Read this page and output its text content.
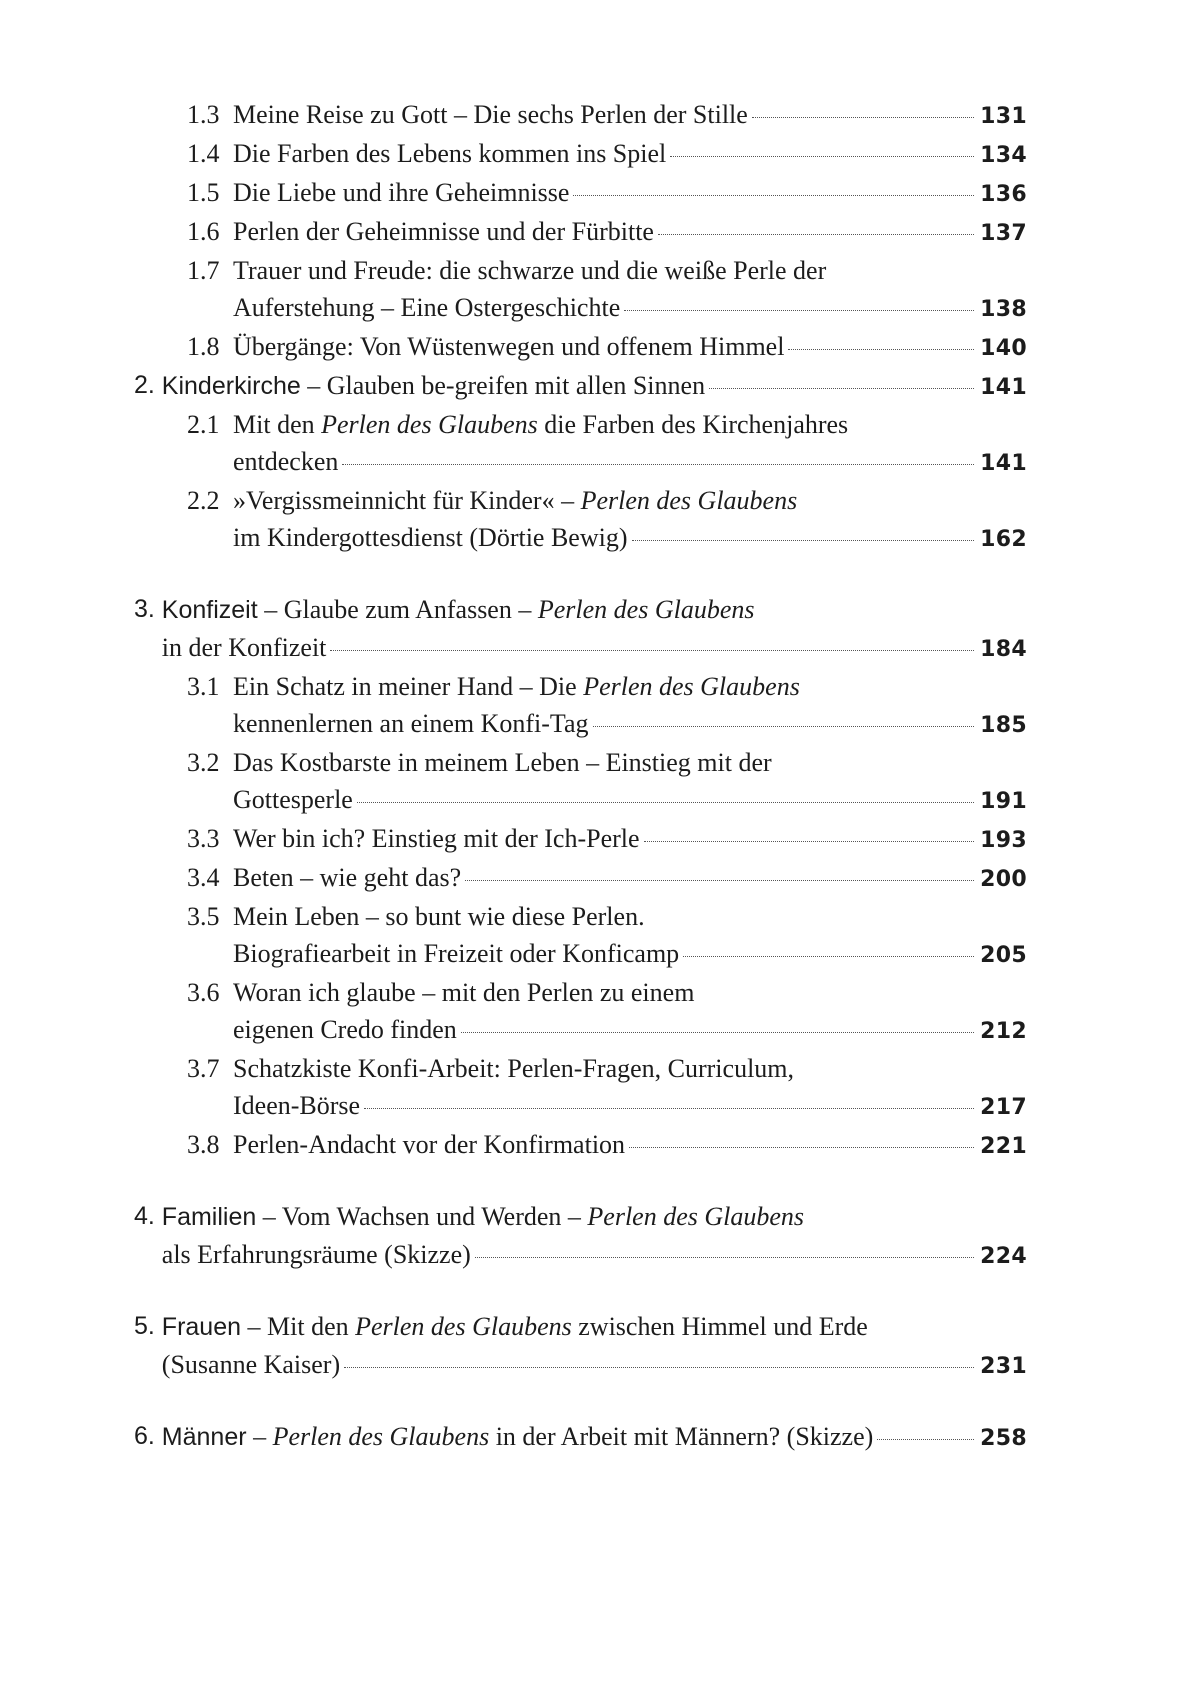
1.3 Meine Reise zu Gott – Die sechs Perlen der Stille	131
1.4 Die Farben des Lebens kommen ins Spiel	134
1.5 Die Liebe und ihre Geheimnisse	136
1.6 Perlen der Geheimnisse und der Fürbitte	137
1.7 Trauer und Freude: die schwarze und die weiße Perle der
Auferstehung – Eine Ostergeschichte	138
1.8 Übergänge: Von Wüstenwegen und offenem Himmel	140
2. Kinderkirche – Glauben be-greifen mit allen Sinnen	141
2.1 Mit den Perlen des Glaubens die Farben des Kirchenjahres
entdecken	141
2.2 »Vergissmeinnicht für Kinder« – Perlen des Glaubens
im Kindergottesdienst (Dörtie Bewig)	162
3. Konfizeit – Glaube zum Anfassen – Perlen des Glaubens
in der Konfizeit	184
3.1 Ein Schatz in meiner Hand – Die Perlen des Glaubens
kennenlernen an einem Konfi-Tag	185
3.2 Das Kostbarste in meinem Leben – Einstieg mit der
Gottesperle	191
3.3 Wer bin ich? Einstieg mit der Ich-Perle	193
3.4 Beten – wie geht das?	200
3.5 Mein Leben – so bunt wie diese Perlen.
Biografiearbeit in Freizeit oder Konficamp	205
3.6 Woran ich glaube – mit den Perlen zu einem
eigenen Credo finden	212
3.7 Schatzkiste Konfi-Arbeit: Perlen-Fragen, Curriculum,
Ideen-Börse	217
3.8 Perlen-Andacht vor der Konfirmation	221
4. Familien – Vom Wachsen und Werden – Perlen des Glaubens
als Erfahrungsräume (Skizze)	224
5. Frauen – Mit den Perlen des Glaubens zwischen Himmel und Erde
(Susanne Kaiser)	231
6. Männer – Perlen des Glaubens in der Arbeit mit Männern? (Skizze)	258
